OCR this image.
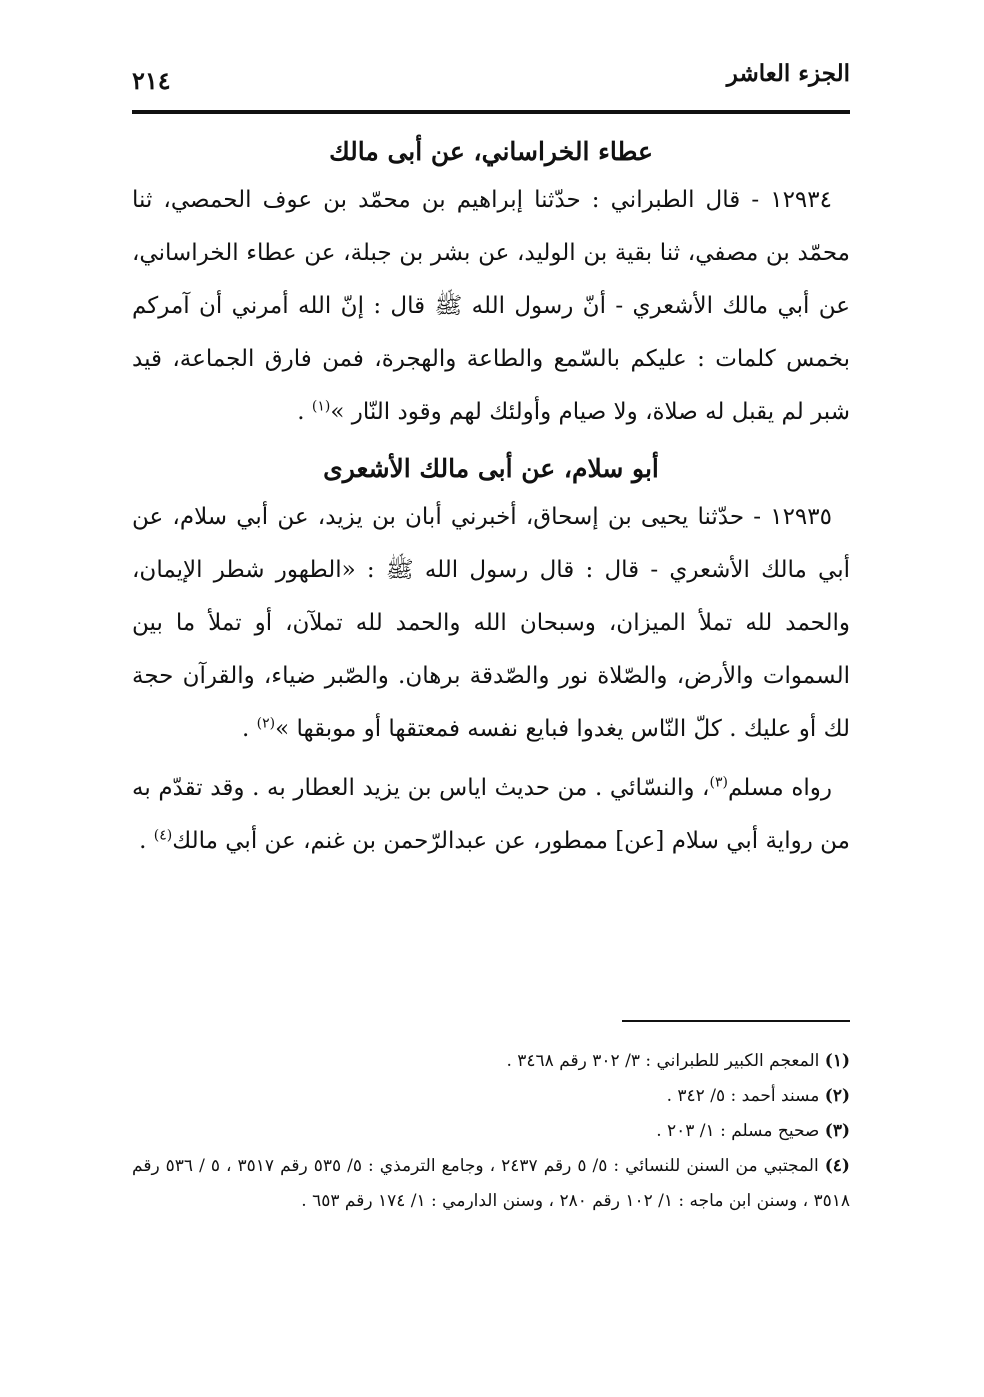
الجزء العاشر
٢١٤
عطاء الخراساني، عن أبى مالك

١٢٩٣٤ - قال الطبراني : حدّثنا إبراهيم بن محمّد بن عوف الحمصي، ثنا محمّد بن مصفي، ثنا بقية بن الوليد، عن بشر بن جبلة، عن عطاء الخراساني، عن أبي مالك الأشعري - أنّ رسول الله ﷺ قال : إنّ الله أمرني أن آمركم بخمس كلمات : عليكم بالسّمع والطاعة والهجرة، فمن فارق الجماعة، قيد شبر لم يقبل له صلاة، ولا صيام وأولئك لهم وقود النّار »$^{(١)}$ .

أبو سلام، عن أبى مالك الأشعرى

١٢٩٣٥ - حدّثنا يحيى بن إسحاق، أخبرني أبان بن يزيد، عن أبي سلام، عن أبي مالك الأشعري - قال : قال رسول الله ﷺ : «الطهور شطر الإيمان، والحمد لله تملأ الميزان، وسبحان الله والحمد لله تملآن، أو تملأ ما بين السموات والأرض، والصّلاة نور والصّدقة برهان. والصّبر ضياء، والقرآن حجة لك أو عليك . كلّ النّاس يغدوا فبايع نفسه فمعتقها أو موبقها »$^{(٢)}$ .

رواه مسلم$^{(٣)}$، والنسّائي . من حديث اياس بن يزيد العطار به . وقد تقدّم به من رواية أبي سلام [عن] ممطور، عن عبدالرّحمن بن غنم، عن أبي مالك$^{(٤)}$ .

(١) المعجم الكبير للطبراني : ٣/ ٣٠٢ رقم ٣٤٦٨ .

(٢) مسند أحمد : ٥/ ٣٤٢ .

(٣) صحيح مسلم : ١/ ٢٠٣ .

(٤) المجتبي من السنن للنسائي : ٥/ ٥ رقم ٢٤٣٧ ، وجامع الترمذي : ٥/ ٥٣٥ رقم ٣٥١٧ ، ٥ / ٥٣٦ رقم ٣٥١٨ ، وسنن ابن ماجه : ١/ ١٠٢ رقم ٢٨٠ ، وسنن الدارمي : ١/ ١٧٤ رقم ٦٥٣ .
